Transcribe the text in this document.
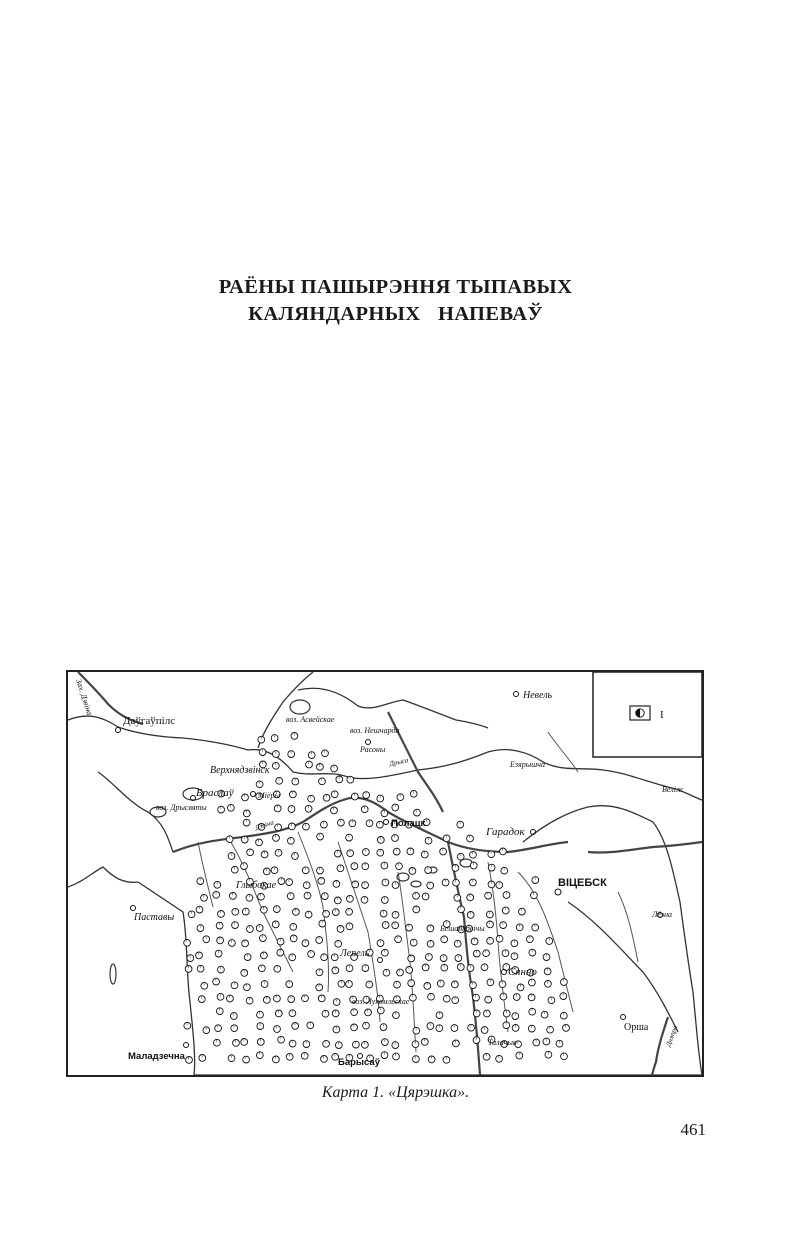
РАЁНЫ ПАШЫРЭННЯ ТЫПАВЫХ
КАЛЯНДАРНЫХ НАПЕВАЎ
I
Даўгаўпілс
Невель
воз. Асвейскае
воз. Нешчарда
Расоны
Верхнядзвінск
Браслаў
воз. Дрысвяты
Міёры
Полацк
Гарадок
ВІЦЕБСК
Глыбокае
Паставы
Бешанковічы
Лёзна
Лепель
Сянно
воз. Лукомльскае
Орша
Талачын
Маладзечна
Барысаў
Зах. Дзвіна
Дзвіна
Дрыса
Дняпро
Веліж
Езярышча
Карта 1. «Цярэшка».
461
